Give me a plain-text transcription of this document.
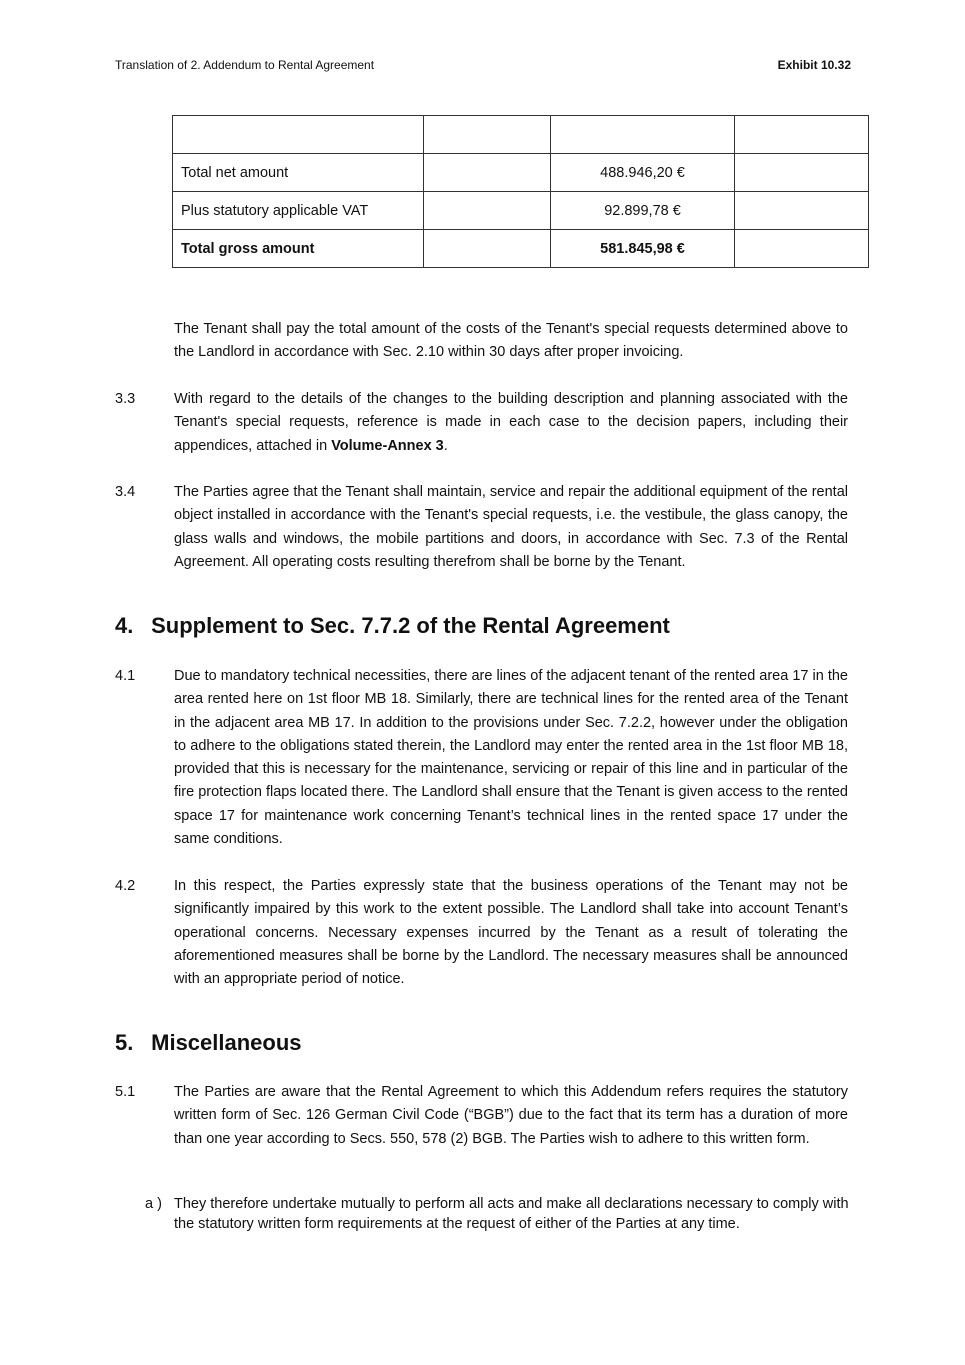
Translation of 2. Addendum to Rental Agreement	Exhibit 10.32

Total net amount		488.946,20 €	
Plus statutory applicable VAT		92.899,78 €	
Total gross amount		581.845,98 €	
The Tenant shall pay the total amount of the costs of the Tenant's special requests determined above to the Landlord in accordance with Sec. 2.10 within 30 days after proper invoicing.
3.3	With regard to the details of the changes to the building description and planning associated with the Tenant's special requests, reference is made in each case to the decision papers, including their appendices, attached in Volume-Annex 3.
3.4	The Parties agree that the Tenant shall maintain, service and repair the additional equipment of the rental object installed in accordance with the Tenant's special requests, i.e. the vestibule, the glass canopy, the glass walls and windows, the mobile partitions and doors, in accordance with Sec. 7.3 of the Rental Agreement. All operating costs resulting therefrom shall be borne by the Tenant.
4. Supplement to Sec. 7.7.2 of the Rental Agreement
4.1	Due to mandatory technical necessities, there are lines of the adjacent tenant of the rented area 17 in the area rented here on 1st floor MB 18. Similarly, there are technical lines for the rented area of the Tenant in the adjacent area MB 17. In addition to the provisions under Sec. 7.2.2, however under the obligation to adhere to the obligations stated therein, the Landlord may enter the rented area in the 1st floor MB 18, provided that this is necessary for the maintenance, servicing or repair of this line and in particular of the fire protection flaps located there. The Landlord shall ensure that the Tenant is given access to the rented space 17 for maintenance work concerning Tenant’s technical lines in the rented space 17 under the same conditions.
4.2	In this respect, the Parties expressly state that the business operations of the Tenant may not be significantly impaired by this work to the extent possible. The Landlord shall take into account Tenant’s operational concerns. Necessary expenses incurred by the Tenant as a result of tolerating the aforementioned measures shall be borne by the Landlord. The necessary measures shall be announced with an appropriate period of notice.
5. Miscellaneous
5.1	The Parties are aware that the Rental Agreement to which this Addendum refers requires the statutory written form of Sec. 126 German Civil Code (“BGB”) due to the fact that its term has a duration of more than one year according to Secs. 550, 578 (2) BGB. The Parties wish to adhere to this written form.
a ) They therefore undertake mutually to perform all acts and make all declarations necessary to comply with the statutory written form requirements at the request of either of the Parties at any time.
